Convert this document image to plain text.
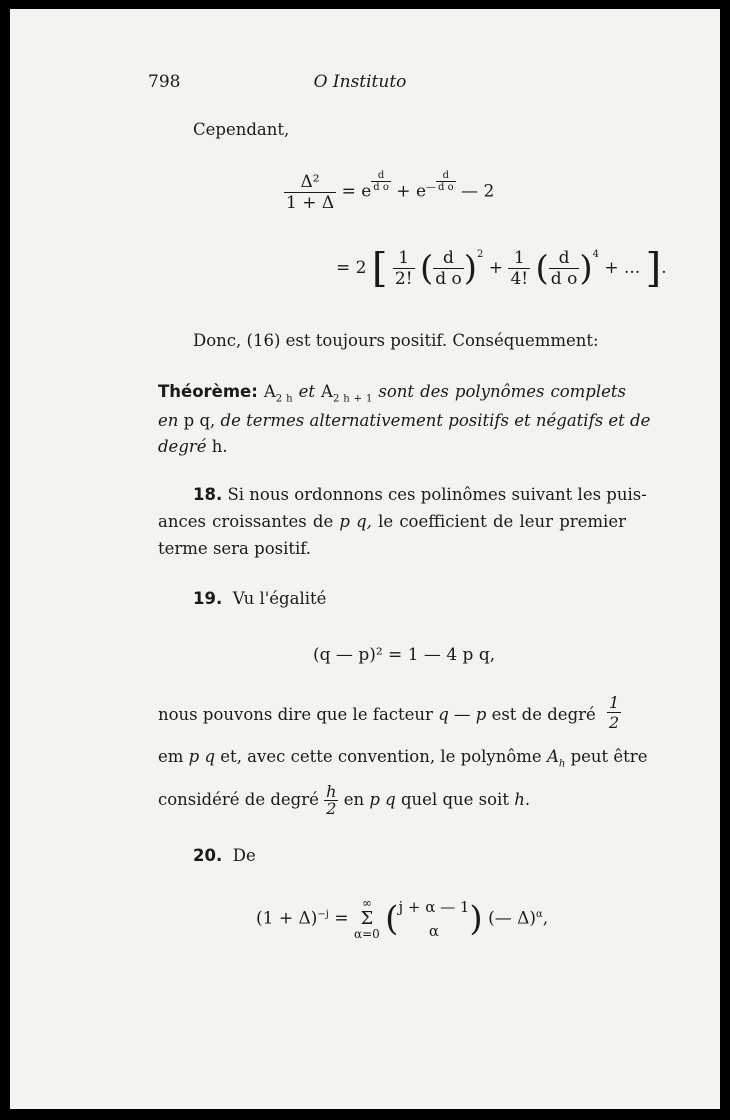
798	O Instituto
Cependant,
$\frac{\text{Δ²}}{1 + \Delta} = e \frac{d}{\text{d o}} + e^— \frac{d}{\text{d o}}$ — 2
= 2 [ $\frac{1}{2!}$ ( $\frac{d}{\text{d o}} )^2 + \frac{1}{4!}$ ( $\frac{d}{\text{d o}} )^4$ + ... ].
Donc, (16) est toujours positif. Conséquemment:
Théorème: $A_{2 h}$ et $A_{2 h + 1}$ sont des polynômes complets
en p q, de termes alternativement positifs et négatifs et de
degré h.
18. Si nous ordonnons ces polinômes suivant les puis-
ances croissantes de p q, le coefficient de leur premier
terme sera positif.
19. Vu l'égalité
(q — p)² = 1 — 4 p q,
nous pouvons dire que le facteur q — p est de degré $\frac{1}{2}$
em p q et, avec cette convention, le polynôme $A_h$ peut être
considéré de degré $\frac{h}{2}$ en p q quel que soit h.
20. De
$(1 + \Delta)^{-j}$ =
∞
Σ
α=0 ( j + α — 1
α ) (— Δ)$^\alpha$,
